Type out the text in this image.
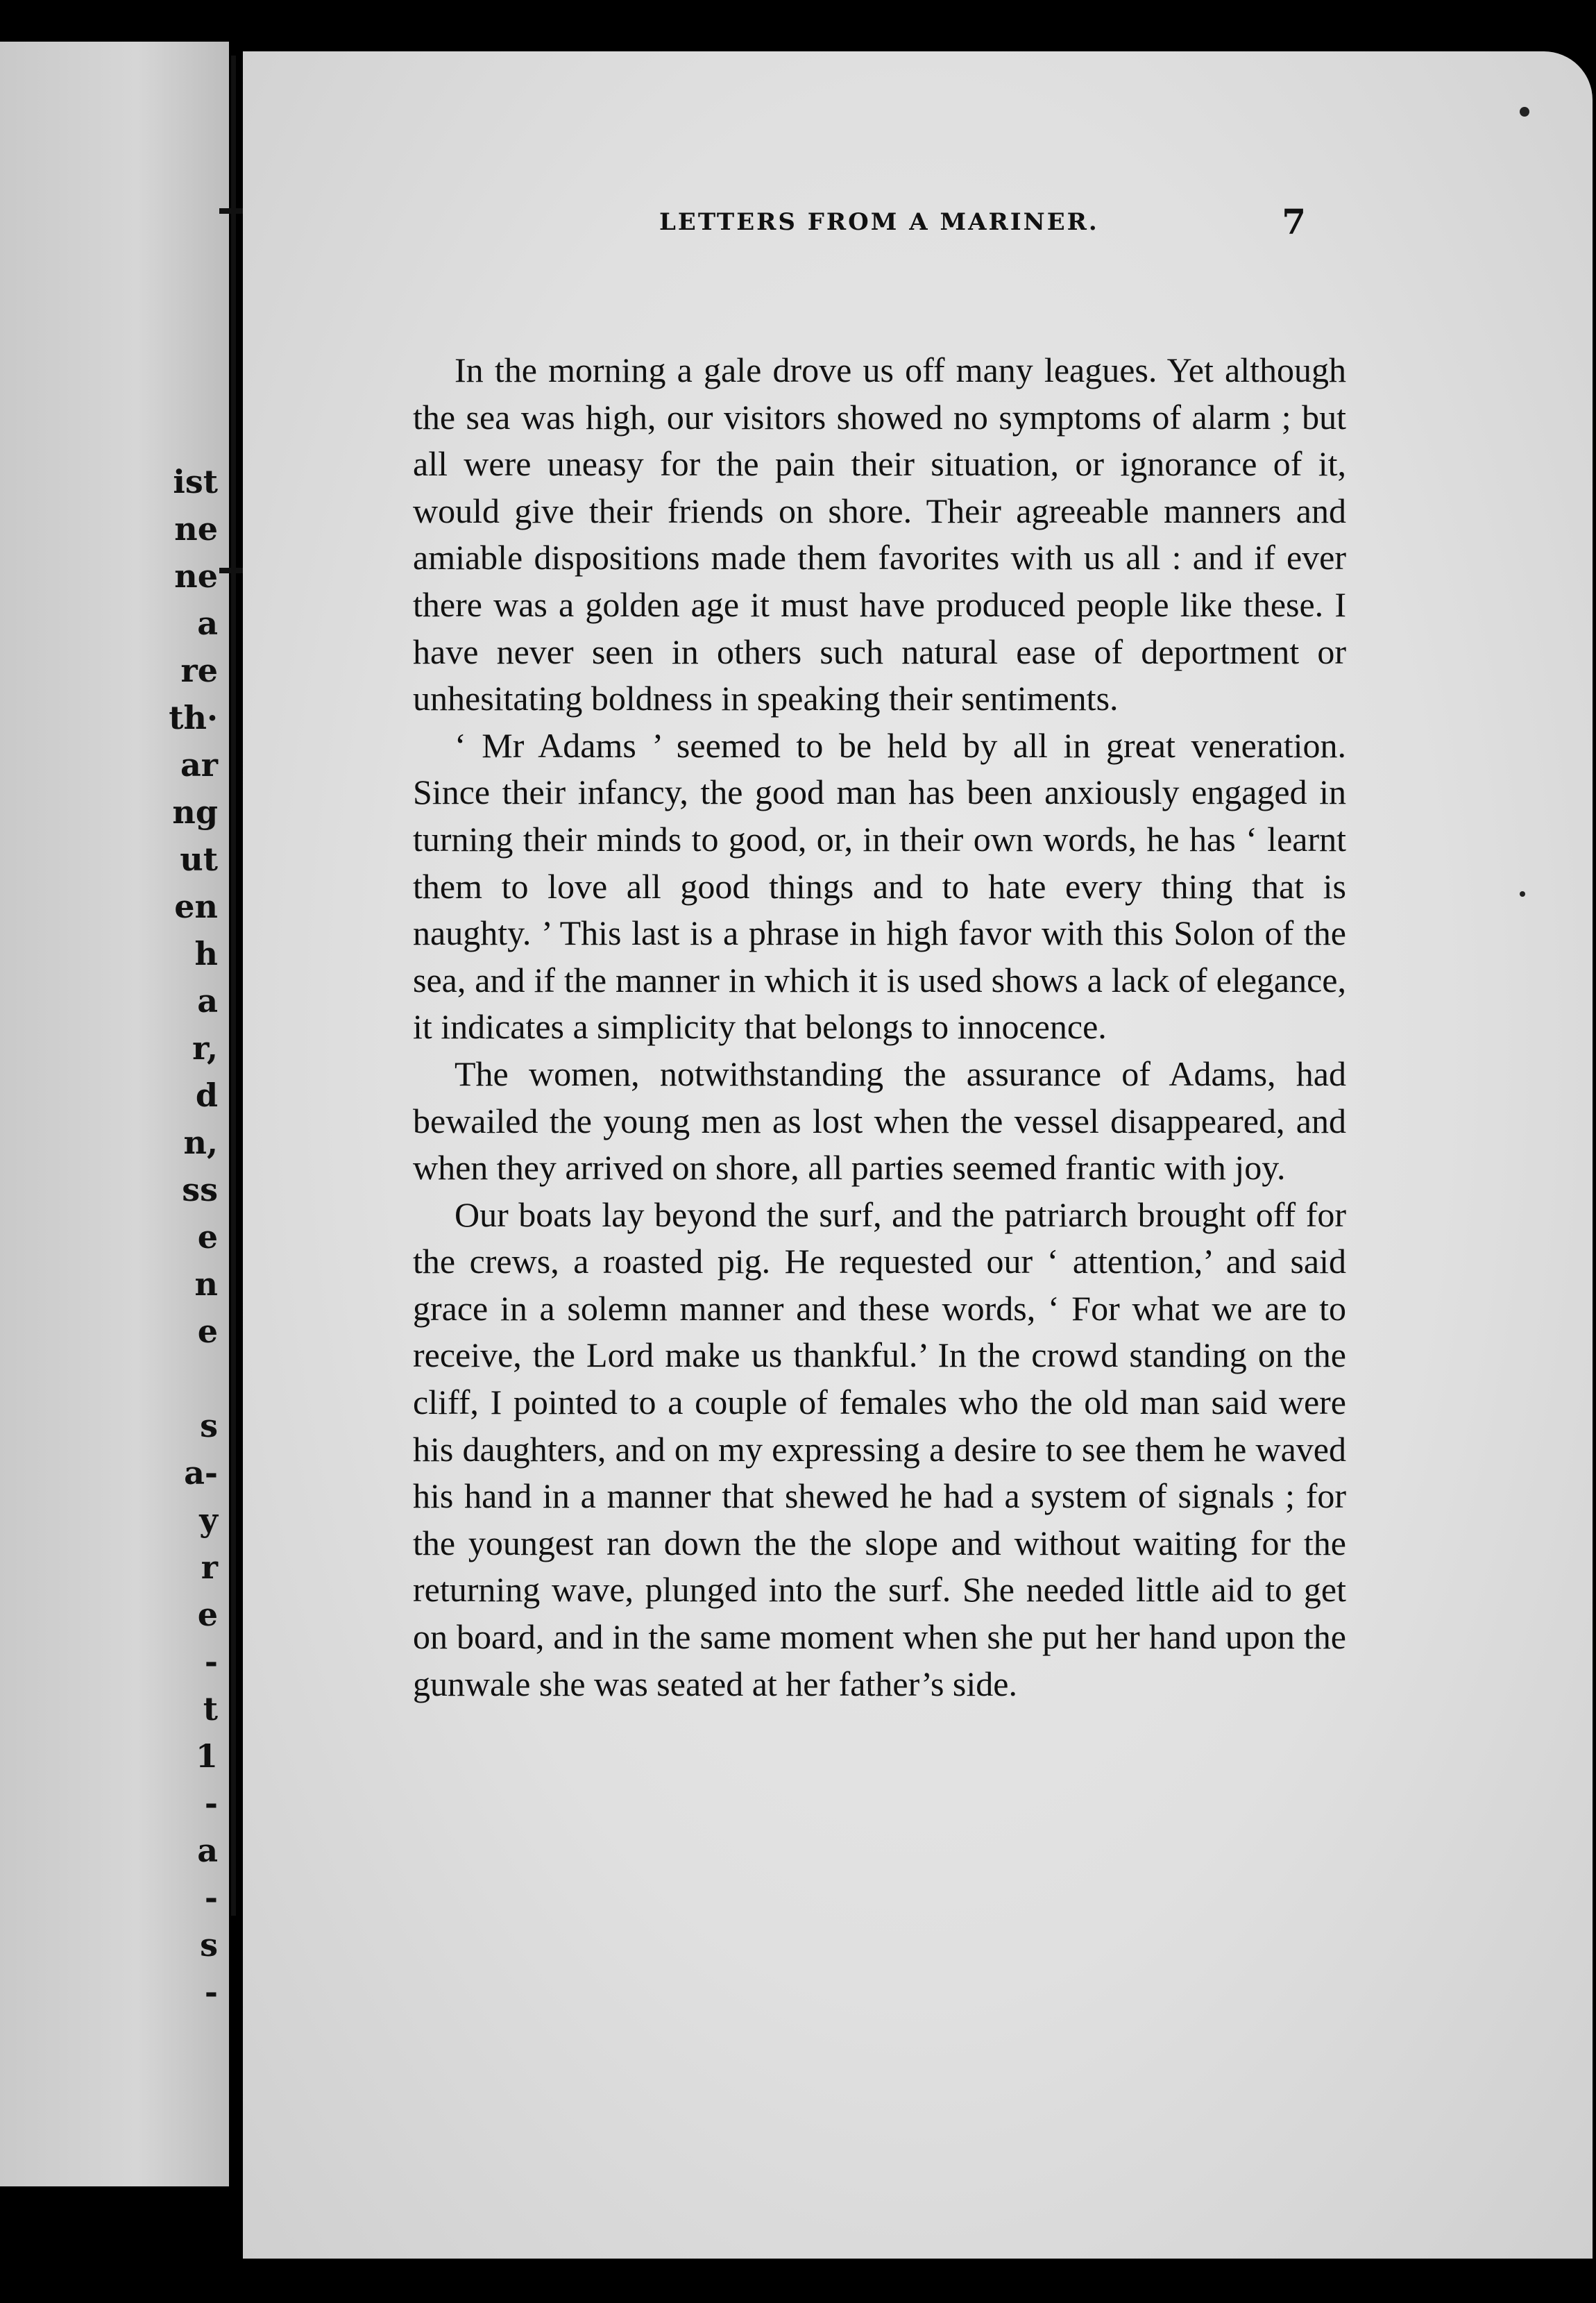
ist
ne
ne
a
re
th·
ar
ng
ut
en
h
a
r,
d
n,
ss
e
n
e
s
a-
y
r
e
-
t
1
-
a
-
s
-
LETTERS FROM A MARINER.	7

In the morning a gale drove us off many leagues. Yet although the sea was high, our visitors showed no symptoms of alarm ; but all were uneasy for the pain their situation, or ignorance of it, would give their friends on shore. Their agreeable manners and amiable dispositions made them favorites with us all : and if ever there was a golden age it must have produced people like these. I have never seen in others such natural ease of deportment or unhesitating boldness in speaking their sentiments.

‘ Mr Adams ’ seemed to be held by all in great veneration. Since their infancy, the good man has been anxiously engaged in turning their minds to good, or, in their own words, he has ‘ learnt them to love all good things and to hate every thing that is naughty. ’ This last is a phrase in high favor with this Solon of the sea, and if the manner in which it is used shows a lack of elegance, it indicates a simplicity that belongs to innocence.

The women, notwithstanding the assurance of Adams, had bewailed the young men as lost when the vessel disappeared, and when they arrived on shore, all parties seemed frantic with joy.

Our boats lay beyond the surf, and the patriarch brought off for the crews, a roasted pig. He requested our ‘ attention,’ and said grace in a solemn manner and these words, ‘ For what we are to receive, the Lord make us thankful.’ In the crowd standing on the cliff, I pointed to a couple of females who the old man said were his daughters, and on my expressing a desire to see them he waved his hand in a manner that shewed he had a system of signals ; for the youngest ran down the the slope and without waiting for the returning wave, plunged into the surf. She needed little aid to get on board, and in the same moment when she put her hand upon the gunwale she was seated at her father’s side.
